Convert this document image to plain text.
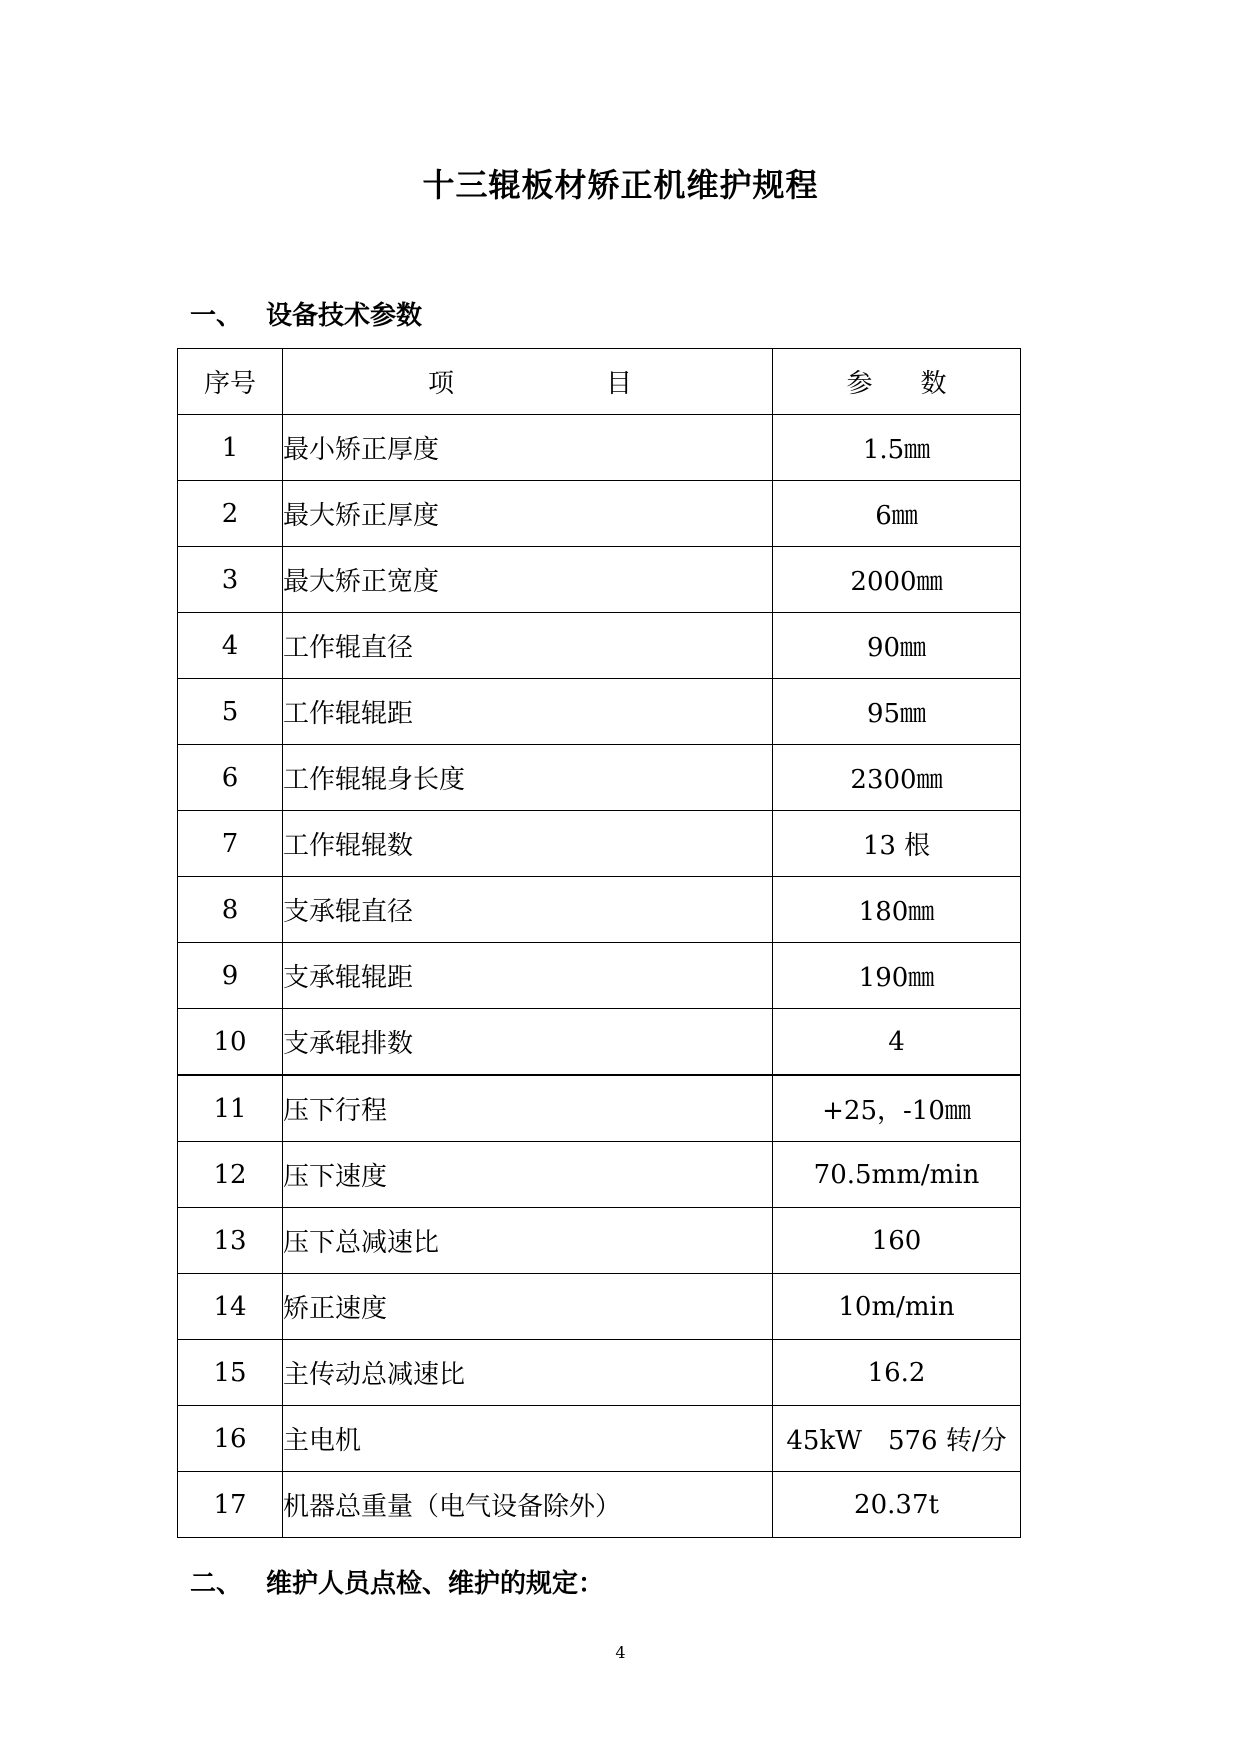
十三辊板材矫正机维护规程
一、 设备技术参数
序号	项 目	参 数

1	最小矫正厚度	1.5㎜
2	最大矫正厚度	6㎜
3	最大矫正宽度	2000㎜
4	工作辊直径	90㎜
5	工作辊辊距	95㎜
6	工作辊辊身长度	2300㎜
7	工作辊辊数	13 根
8	支承辊直径	180㎜
9	支承辊辊距	190㎜
10	支承辊排数	4
11	压下行程	+25，-10㎜
12	压下速度	70.5mm/min
13	压下总减速比	160
14	矫正速度	10m/min
15	主传动总减速比	16.2
16	主电机	45kW　576 转/分
17	机器总重量（电气设备除外）	20.37t
二、 维护人员点检、维护的规定：
4
